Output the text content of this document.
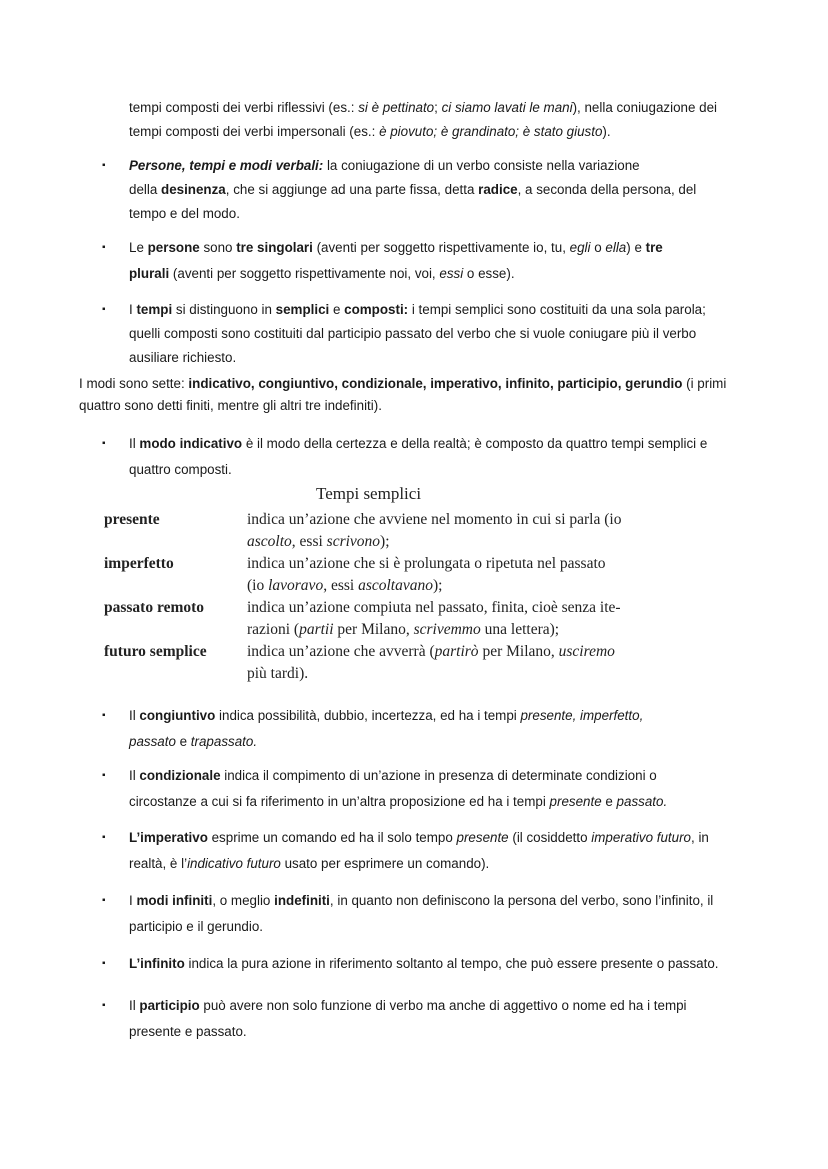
tempi composti dei verbi riflessivi (es.: si è pettinato; ci siamo lavati le mani), nella coniugazione dei
tempi composti dei verbi impersonali (es.: è piovuto; è grandinato; è stato giusto).
▪	Persone, tempi e modi verbali: la coniugazione di un verbo consiste nella variazione
della desinenza, che si aggiunge ad una parte fissa, detta radice, a seconda della persona, del
tempo e del modo.
▪	Le persone sono tre singolari (aventi per soggetto rispettivamente io, tu, egli o ella) e tre
plurali (aventi per soggetto rispettivamente noi, voi, essi o esse).
▪	I tempi si distinguono in semplici e composti: i tempi semplici sono costituiti da una sola parola;
quelli composti sono costituiti dal participio passato del verbo che si vuole coniugare più il verbo
ausiliare richiesto.
I modi sono sette: indicativo, congiuntivo, condizionale, imperativo, infinito, participio, gerundio (i primi
quattro sono detti finiti, mentre gli altri tre indefiniti).
▪	Il modo indicativo è il modo della certezza e della realtà; è composto da quattro tempi semplici e
quattro composti.
Tempi semplici
presente	indica un’azione che avviene nel momento in cui si parla (io
ascolto, essi scrivono);
imperfetto	indica un’azione che si è prolungata o ripetuta nel passato
(io lavoravo, essi ascoltavano);
passato remoto	indica un’azione compiuta nel passato, finita, cioè senza ite-
razioni (partii per Milano, scrivemmo una lettera);
futuro semplice	indica un’azione che avverrà (partirò per Milano, usciremo
più tardi).
▪	Il congiuntivo indica possibilità, dubbio, incertezza, ed ha i tempi presente, imperfetto,
passato e trapassato.
▪	Il condizionale indica il compimento di un’azione in presenza di determinate condizioni o
circostanze a cui si fa riferimento in un’altra proposizione ed ha i tempi presente e passato.
▪	L’imperativo esprime un comando ed ha il solo tempo presente (il cosiddetto imperativo futuro, in
realtà, è l’indicativo futuro usato per esprimere un comando).
▪	I modi infiniti, o meglio indefiniti, in quanto non definiscono la persona del verbo, sono l’infinito, il
participio e il gerundio.
▪	L’infinito indica la pura azione in riferimento soltanto al tempo, che può essere presente o passato.
▪	Il participio può avere non solo funzione di verbo ma anche di aggettivo o nome ed ha i tempi
presente e passato.
